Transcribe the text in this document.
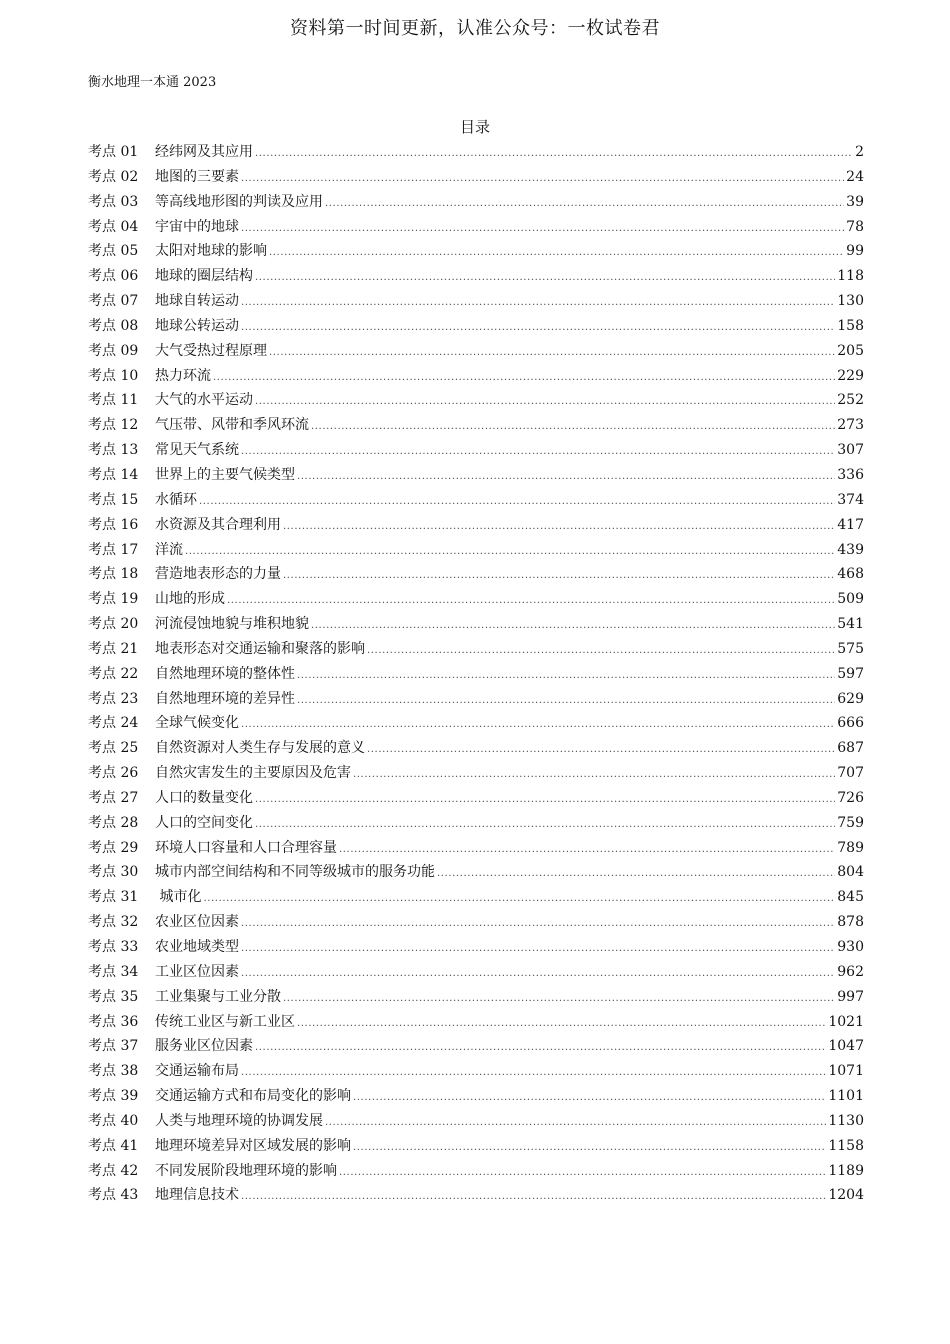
资料第一时间更新，认准公众号：一枚试卷君
衡水地理一本通 2023
目录
考点 01	经纬网及其应用 .....	2
考点 02	地图的三要素 .....	24
考点 03	等高线地形图的判读及应用 .....	39
考点 04	宇宙中的地球 .....	78
考点 05	太阳对地球的影响 .....	99
考点 06	地球的圈层结构 .....	118
考点 07	地球自转运动 .....	130
考点 08	地球公转运动 .....	158
考点 09	大气受热过程原理 .....	205
考点 10	热力环流 .....	229
考点 11	大气的水平运动 .....	252
考点 12	气压带、风带和季风环流 .....	273
考点 13	常见天气系统 .....	307
考点 14	世界上的主要气候类型 .....	336
考点 15	水循环 .....	374
考点 16	水资源及其合理利用 .....	417
考点 17	洋流 .....	439
考点 18	营造地表形态的力量 .....	468
考点 19	山地的形成 .....	509
考点 20	河流侵蚀地貌与堆积地貌 .....	541
考点 21	地表形态对交通运输和聚落的影响 .....	575
考点 22	自然地理环境的整体性 .....	597
考点 23	自然地理环境的差异性 .....	629
考点 24	全球气候变化 .....	666
考点 25	自然资源对人类生存与发展的意义 .....	687
考点 26	自然灾害发生的主要原因及危害 .....	707
考点 27	人口的数量变化 .....	726
考点 28	人口的空间变化 .....	759
考点 29	环境人口容量和人口合理容量 .....	789
考点 30	城市内部空间结构和不同等级城市的服务功能 .....	804
考点 31	城市化 .....	845
考点 32	农业区位因素 .....	878
考点 33	农业地域类型 .....	930
考点 34	工业区位因素 .....	962
考点 35	工业集聚与工业分散 .....	997
考点 36	传统工业区与新工业区 .....	1021
考点 37	服务业区位因素 .....	1047
考点 38	交通运输布局 .....	1071
考点 39	交通运输方式和布局变化的影响 .....	1101
考点 40	人类与地理环境的协调发展 .....	1130
考点 41	地理环境差异对区域发展的影响 .....	1158
考点 42	不同发展阶段地理环境的影响 .....	1189
考点 43	地理信息技术 .....	1204
